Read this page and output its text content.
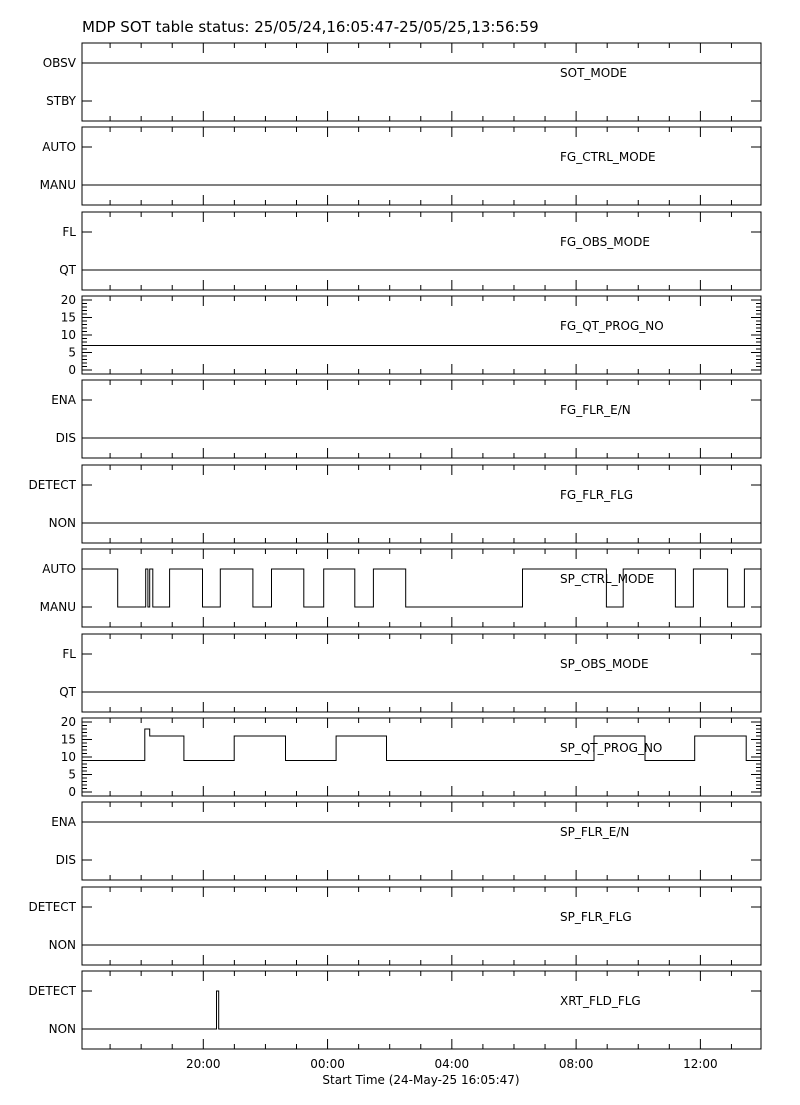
MDP SOT table status: 25/05/24,16:05:47-25/05/25,13:56:59
OBSV
STBY
SOT_MODE
AUTO
MANU
FG_CTRL_MODE
FL
QT
FG_OBS_MODE
0
5
10
15
20
FG_QT_PROG_NO
ENA
DIS
FG_FLR_E/N
DETECT
NON
FG_FLR_FLG
AUTO
MANU
SP_CTRL_MODE
FL
QT
SP_OBS_MODE
0
5
10
15
20
SP_QT_PROG_NO
ENA
DIS
SP_FLR_E/N
DETECT
NON
SP_FLR_FLG
DETECT
NON
XRT_FLD_FLG
20:00	00:00	04:00	08:00	12:00
Start Time (24-May-25 16:05:47)
